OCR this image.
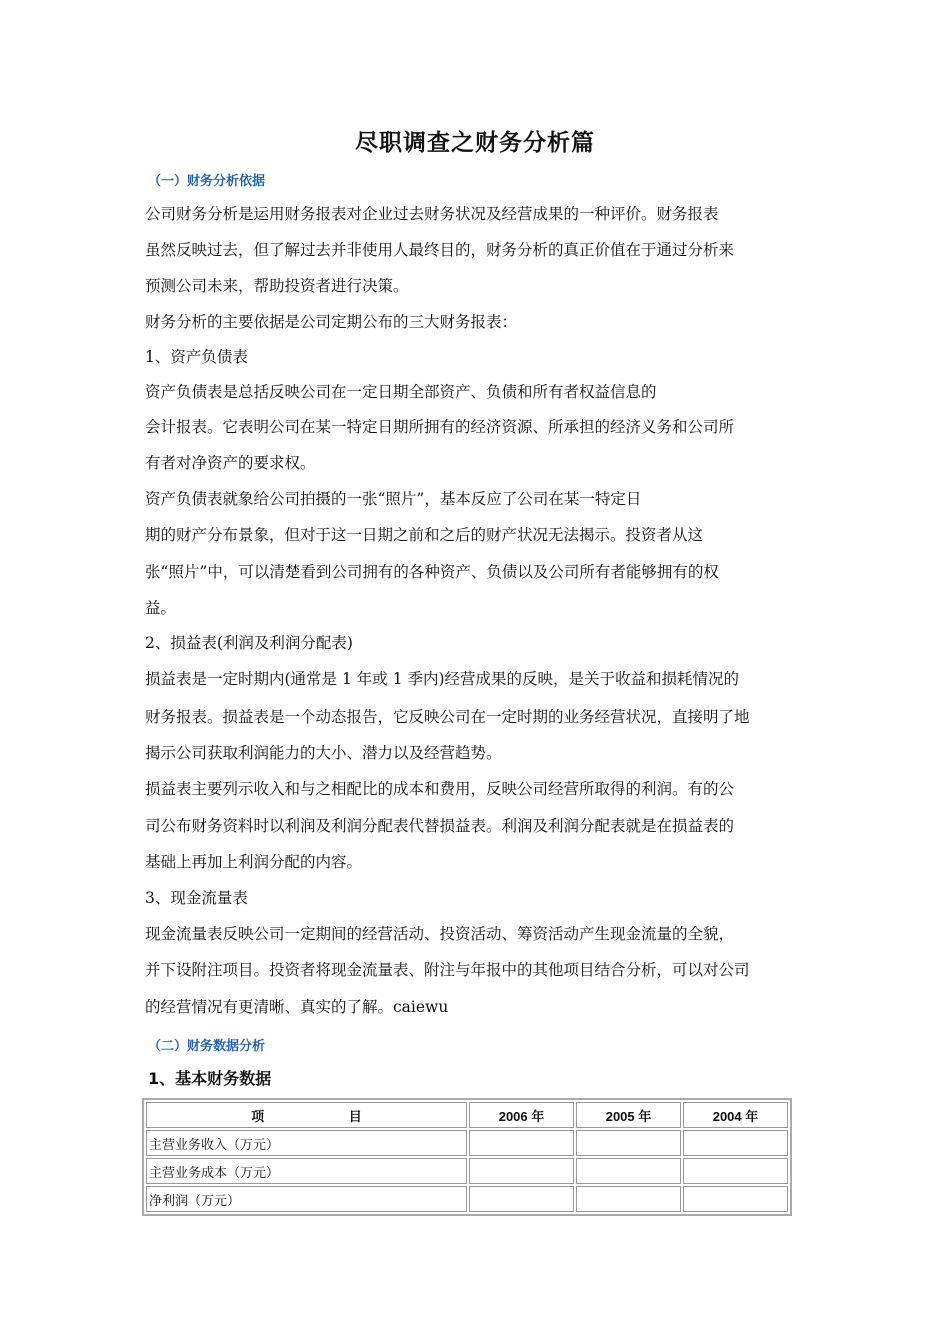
尽职调查之财务分析篇
（一）财务分析依据
公司财务分析是运用财务报表对企业过去财务状况及经营成果的一种评价。财务报表
虽然反映过去，但了解过去并非使用人最终目的，财务分析的真正价值在于通过分析来
预测公司未来，帮助投资者进行决策。
财务分析的主要依据是公司定期公布的三大财务报表：
1、资产负债表
资产负债表是总括反映公司在一定日期全部资产、负债和所有者权益信息的
会计报表。它表明公司在某一特定日期所拥有的经济资源、所承担的经济义务和公司所
有者对净资产的要求权。
资产负债表就象给公司拍摄的一张“照片”，基本反应了公司在某一特定日
期的财产分布景象，但对于这一日期之前和之后的财产状况无法揭示。投资者从这
张“照片”中，可以清楚看到公司拥有的各种资产、负债以及公司所有者能够拥有的权
益。
2、损益表(利润及利润分配表)
损益表是一定时期内(通常是 1 年或 1 季内)经营成果的反映，是关于收益和损耗情况的
财务报表。损益表是一个动态报告，它反映公司在一定时期的业务经营状况，直接明了地
揭示公司获取利润能力的大小、潜力以及经营趋势。
损益表主要列示收入和与之相配比的成本和费用，反映公司经营所取得的利润。有的公
司公布财务资料时以利润及利润分配表代替损益表。利润及利润分配表就是在损益表的
基础上再加上利润分配的内容。
3、现金流量表
现金流量表反映公司一定期间的经营活动、投资活动、筹资活动产生现金流量的全貌，
并下设附注项目。投资者将现金流量表、附注与年报中的其他项目结合分析，可以对公司
的经营情况有更清晰、真实的了解。caiewu
（二）财务数据分析
1、基本财务数据
项 目	2006 年	2005 年	2004 年
主营业务收入（万元）			
主营业务成本（万元）			
净利润（万元）			
